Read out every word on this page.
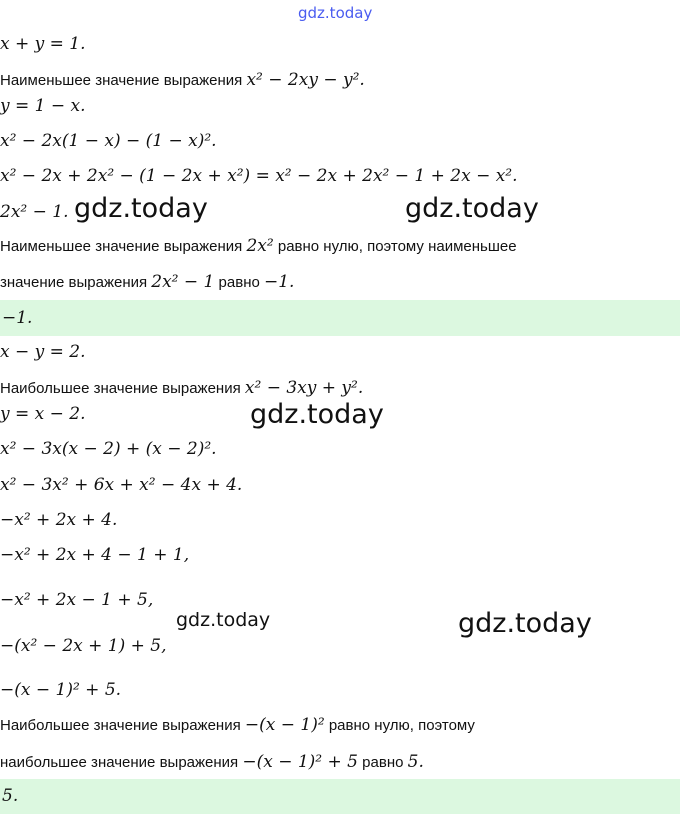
gdz.today
x + y = 1.
Наименьшее значение выражения x² − 2xy − y².
y = 1 − x.
x² − 2x(1 − x) − (1 − x)².
x² − 2x + 2x² − (1 − 2x + x²) = x² − 2x + 2x² − 1 + 2x − x².
2x² − 1. gdz.today	gdz.today
Наименьшее значение выражения 2x² равно нулю, поэтому наименьшее
значение выражения 2x² − 1 равно −1.
−1.
x − y = 2.
Наибольшее значение выражения x² − 3xy + y².
y = x − 2.	gdz.today
x² − 3x(x − 2) + (x − 2)².
x² − 3x² + 6x + x² − 4x + 4.
−x² + 2x + 4.
−x² + 2x + 4 − 1 + 1,
−x² + 2x − 1 + 5,
gdz.today	gdz.today
−(x² − 2x + 1) + 5,
−(x − 1)² + 5.
Наибольшее значение выражения −(x − 1)² равно нулю, поэтому
наибольшее значение выражения −(x − 1)² + 5 равно 5.
5.
